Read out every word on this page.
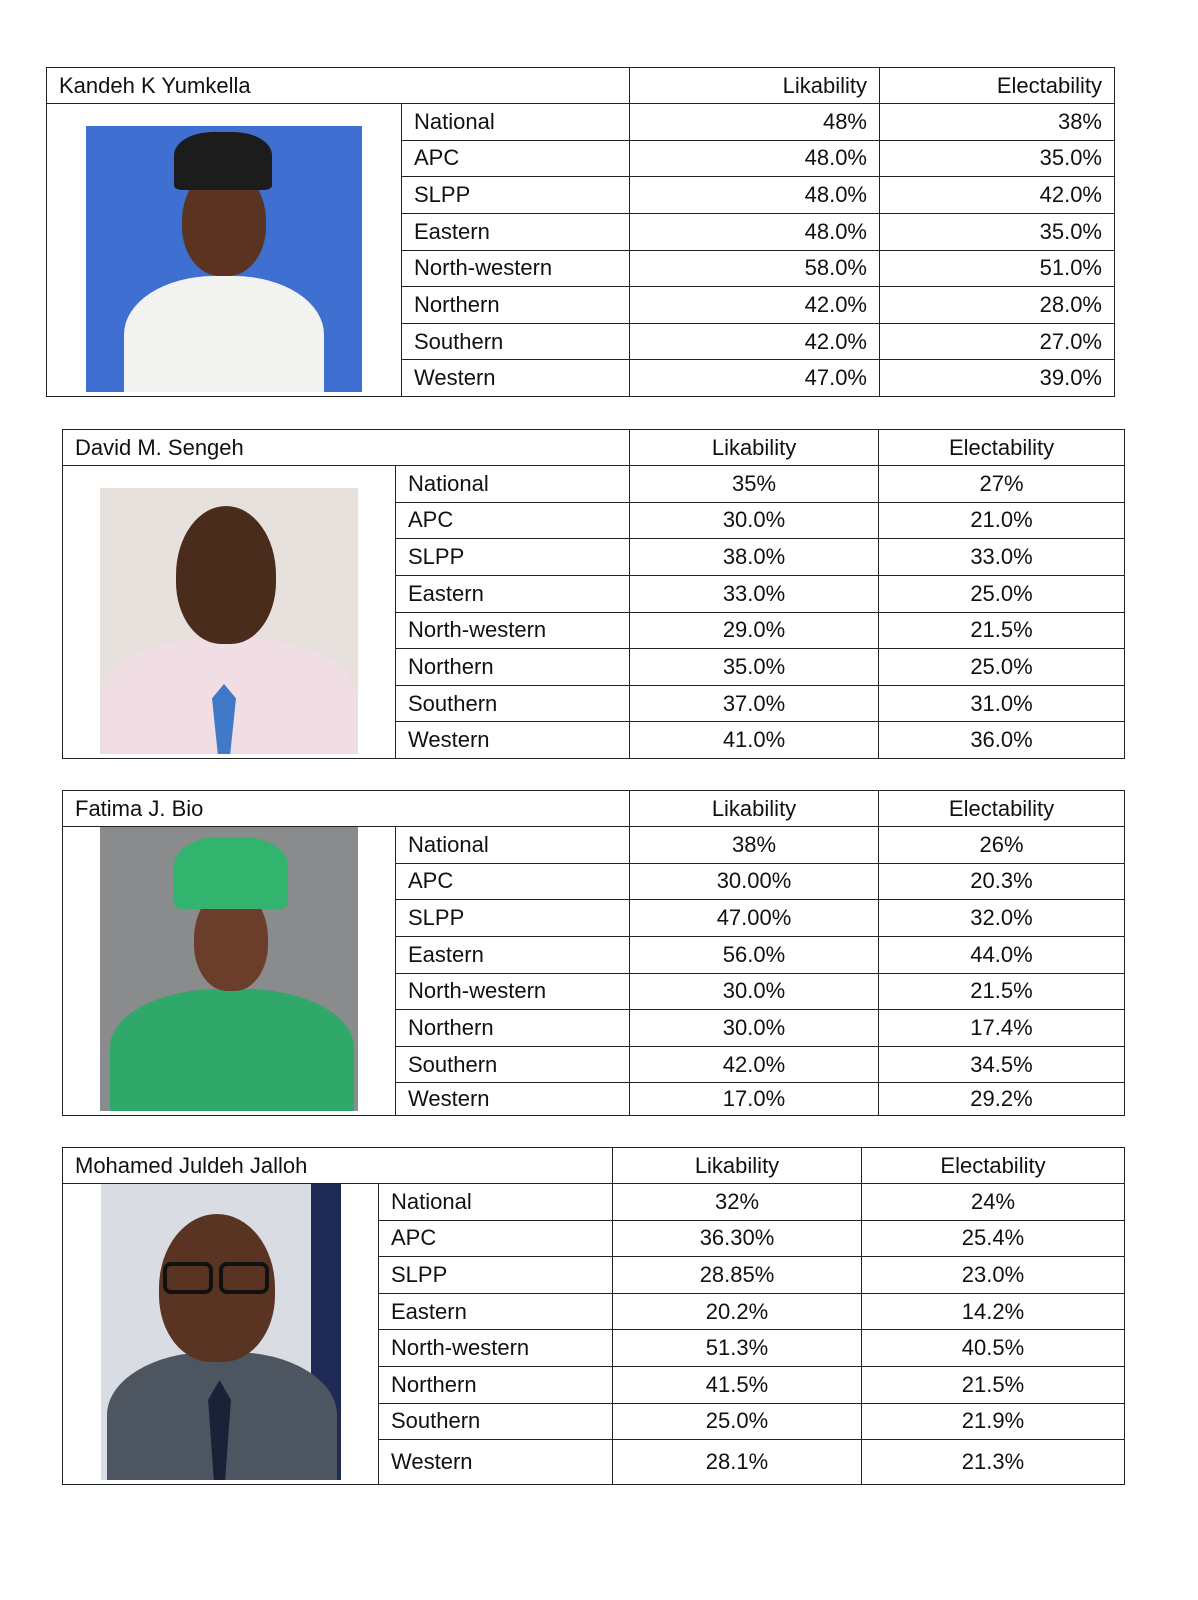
Kandeh K Yumkella		Likability	Electability

	National	48%	38%
	APC	48.0%	35.0%
	SLPP	48.0%	42.0%
	Eastern	48.0%	35.0%
	North-western	58.0%	51.0%
	Northern	42.0%	28.0%
	Southern	42.0%	27.0%
	Western	47.0%	39.0%
David M. Sengeh		Likability	Electability

	National	35%	27%
	APC	30.0%	21.0%
	SLPP	38.0%	33.0%
	Eastern	33.0%	25.0%
	North-western	29.0%	21.5%
	Northern	35.0%	25.0%
	Southern	37.0%	31.0%
	Western	41.0%	36.0%
Fatima J. Bio		Likability	Electability

	National	38%	26%
	APC	30.00%	20.3%
	SLPP	47.00%	32.0%
	Eastern	56.0%	44.0%
	North-western	30.0%	21.5%
	Northern	30.0%	17.4%
	Southern	42.0%	34.5%
	Western	17.0%	29.2%
Mohamed Juldeh Jalloh		Likability	Electability

	National	32%	24%
	APC	36.30%	25.4%
	SLPP	28.85%	23.0%
	Eastern	20.2%	14.2%
	North-western	51.3%	40.5%
	Northern	41.5%	21.5%
	Southern	25.0%	21.9%
	Western	28.1%	21.3%
